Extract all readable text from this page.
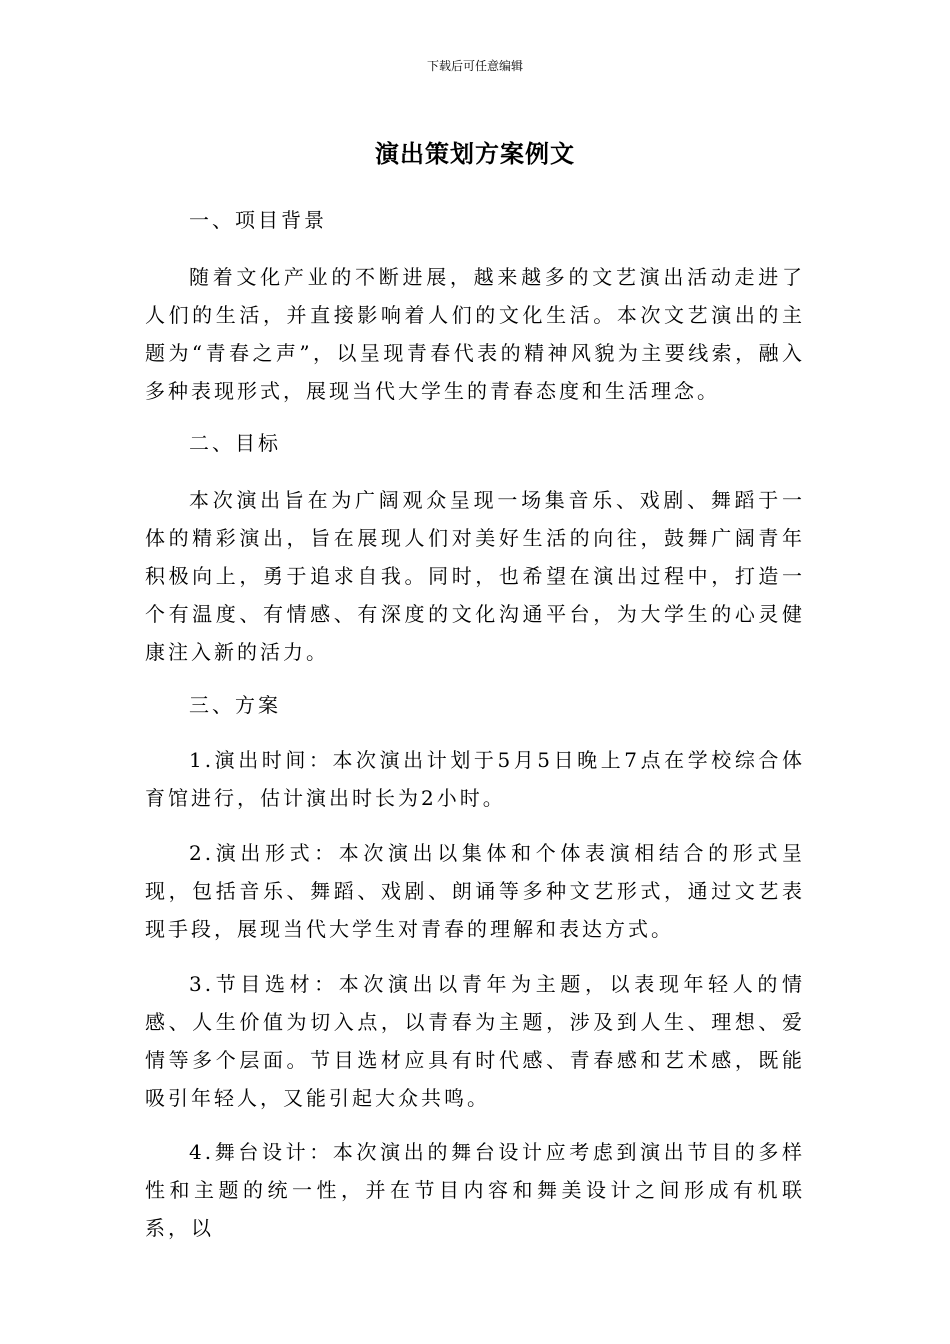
下载后可任意编辑
演出策划方案例文

一、项目背景

随着文化产业的不断进展，越来越多的文艺演出活动走进了人们的生活，并直接影响着人们的文化生活。本次文艺演出的主题为“青春之声”，以呈现青春代表的精神风貌为主要线索，融入多种表现形式，展现当代大学生的青春态度和生活理念。

二、目标

本次演出旨在为广阔观众呈现一场集音乐、戏剧、舞蹈于一体的精彩演出，旨在展现人们对美好生活的向往，鼓舞广阔青年积极向上，勇于追求自我。同时，也希望在演出过程中，打造一个有温度、有情感、有深度的文化沟通平台，为大学生的心灵健康注入新的活力。

三、方案

1.演出时间：本次演出计划于5月5日晚上7点在学校综合体育馆进行，估计演出时长为2小时。

2.演出形式：本次演出以集体和个体表演相结合的形式呈现，包括音乐、舞蹈、戏剧、朗诵等多种文艺形式，通过文艺表现手段，展现当代大学生对青春的理解和表达方式。

3.节目选材：本次演出以青年为主题，以表现年轻人的情感、人生价值为切入点，以青春为主题，涉及到人生、理想、爱情等多个层面。节目选材应具有时代感、青春感和艺术感，既能吸引年轻人，又能引起大众共鸣。

4.舞台设计：本次演出的舞台设计应考虑到演出节目的多样性和主题的统一性，并在节目内容和舞美设计之间形成有机联系，以
